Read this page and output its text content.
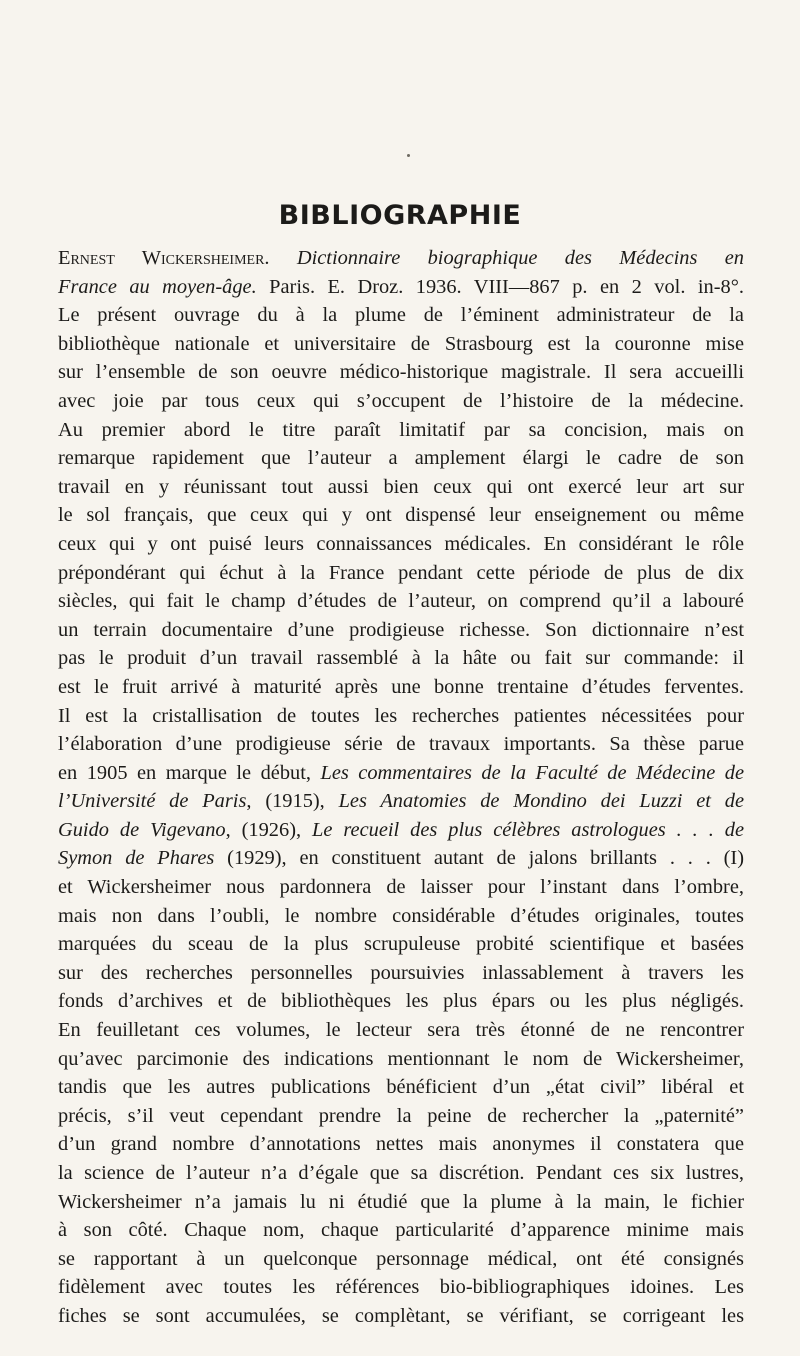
BIBLIOGRAPHIE
Ernest Wickersheimer. Dictionnaire biographique des Médecins en
France au moyen-âge. Paris. E. Droz. 1936. VIII—867 p. en 2 vol. in-8°.
Le présent ouvrage du à la plume de l’éminent administrateur de la
bibliothèque nationale et universitaire de Strasbourg est la couronne mise
sur l’ensemble de son oeuvre médico-historique magistrale. Il sera accueilli
avec joie par tous ceux qui s’occupent de l’histoire de la médecine.
Au premier abord le titre paraît limitatif par sa concision, mais on
remarque rapidement que l’auteur a amplement élargi le cadre de son
travail en y réunissant tout aussi bien ceux qui ont exercé leur art sur
le sol français, que ceux qui y ont dispensé leur enseignement ou même
ceux qui y ont puisé leurs connaissances médicales. En considérant le rôle
prépondérant qui échut à la France pendant cette période de plus de dix
siècles, qui fait le champ d’études de l’auteur, on comprend qu’il a labouré
un terrain documentaire d’une prodigieuse richesse. Son dictionnaire n’est
pas le produit d’un travail rassemblé à la hâte ou fait sur commande: il
est le fruit arrivé à maturité après une bonne trentaine d’études ferventes.
Il est la cristallisation de toutes les recherches patientes nécessitées pour
l’élaboration d’une prodigieuse série de travaux importants. Sa thèse parue
en 1905 en marque le début, Les commentaires de la Faculté de Médecine de
l’Université de Paris, (1915), Les Anatomies de Mondino dei Luzzi et de
Guido de Vigevano, (1926), Le recueil des plus célèbres astrologues . . . de
Symon de Phares (1929), en constituent autant de jalons brillants . . . (I)
et Wickersheimer nous pardonnera de laisser pour l’instant dans l’ombre,
mais non dans l’oubli, le nombre considérable d’études originales, toutes
marquées du sceau de la plus scrupuleuse probité scientifique et basées
sur des recherches personnelles poursuivies inlassablement à travers les
fonds d’archives et de bibliothèques les plus épars ou les plus négligés.
En feuilletant ces volumes, le lecteur sera très étonné de ne rencontrer
qu’avec parcimonie des indications mentionnant le nom de Wickersheimer,
tandis que les autres publications bénéficient d’un „état civil” libéral et
précis, s’il veut cependant prendre la peine de rechercher la „paternité”
d’un grand nombre d’annotations nettes mais anonymes il constatera que
la science de l’auteur n’a d’égale que sa discrétion. Pendant ces six lustres,
Wickersheimer n’a jamais lu ni étudié que la plume à la main, le fichier
à son côté. Chaque nom, chaque particularité d’apparence minime mais
se rapportant à un quelconque personnage médical, ont été consignés
fidèlement avec toutes les références bio-bibliographiques idoines. Les
fiches se sont accumulées, se complètant, se vérifiant, se corrigeant les
